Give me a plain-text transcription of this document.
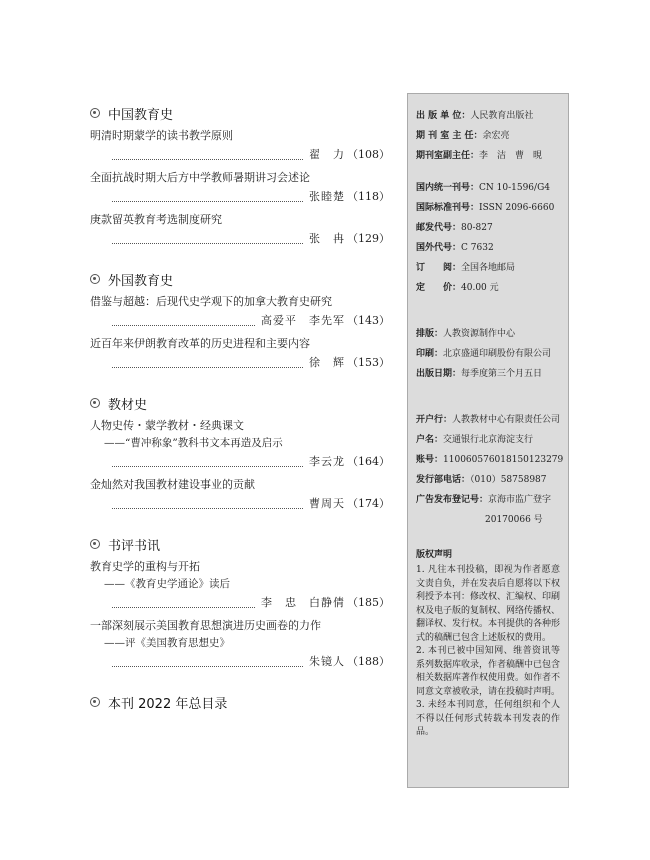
中国教育史
明清时期蒙学的读书教学原则
翟　力 （108）
全面抗战时期大后方中学教师暑期讲习会述论
张睦楚 （118）
庚款留英教育考选制度研究
张　冉 （129）
外国教育史
借鉴与超越：后现代史学观下的加拿大教育史研究
高爱平　李先军 （143）
近百年来伊朗教育改革的历史进程和主要内容
徐　辉 （153）
教材史
人物史传・蒙学教材・经典课文
——“曹冲称象”教科书文本再造及启示
李云龙 （164）
金灿然对我国教材建设事业的贡献
曹周天 （174）
书评书讯
教育史学的重构与开拓
——《教育史学通论》读后
李　忠　白静倩 （185）
一部深刻展示美国教育思想演进历史画卷的力作
——评《美国教育思想史》
朱镜人 （188）
本刊 2022 年总目录
出 版 单 位：人民教育出版社
期 刊 室 主 任：余宏亮
期刊室副主任：李　洁　曹　晛
国内统一刊号：CN 10-1596/G4
国际标准刊号：ISSN 2096-6660
邮发代号：80-827
国外代号：C 7632
订　　阅：全国各地邮局
定　　价：40.00 元
排版：人教资源制作中心
印刷：北京盛通印刷股份有限公司
出版日期：每季度第三个月五日
开户行：人教教材中心有限责任公司
户名：交通银行北京海淀支行
账号：110060576018150123279
发行部电话：（010）58758987
广告发布登记号：京海市监广登字
20170066 号
版权声明
1. 凡往本刊投稿，即视为作者愿意文责自负，并在发表后自愿将以下权利授予本刊：修改权、汇编权、印刷权及电子版的复制权、网络传播权、翻译权、发行权。本刊提供的各种形式的稿酬已包含上述版权的费用。
2. 本刊已被中国知网、维普资讯等系列数据库收录，作者稿酬中已包含相关数据库著作权使用费。如作者不同意文章被收录，请在投稿时声明。
3. 未经本刊同意，任何组织和个人不得以任何形式转载本刊发表的作品。
